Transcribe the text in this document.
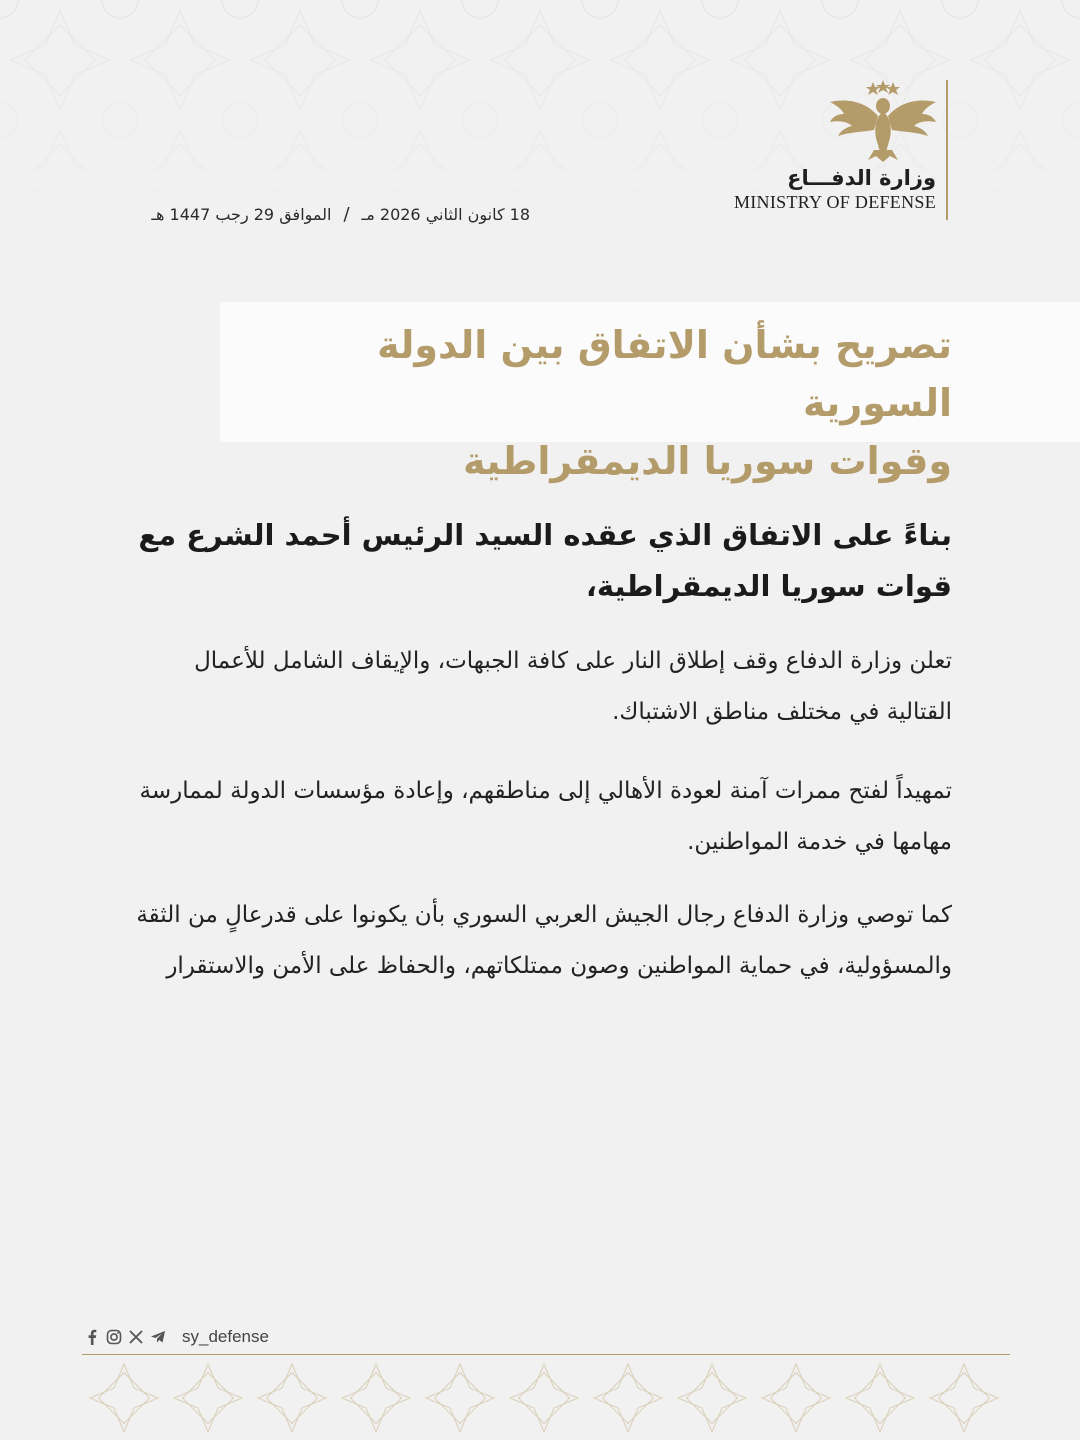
وزارة الدفـــاع
MINISTRY OF DEFENSE
18 كانون الثاني 2026 مـ/الموافق 29 رجب 1447 هـ
تصريح بشأن الاتفاق بين الدولة السورية
وقوات سوريا الديمقراطية
بناءً على الاتفاق الذي عقده السيد الرئيس أحمد الشرع مع قوات سوريا الديمقراطية،
تعلن وزارة الدفاع وقف إطلاق النار على كافة الجبهات، والإيقاف الشامل للأعمال القتالية في مختلف مناطق الاشتباك.
تمهيداً لفتح ممرات آمنة لعودة الأهالي إلى مناطقهم، وإعادة مؤسسات الدولة لممارسة مهامها في خدمة المواطنين.
كما توصي وزارة الدفاع رجال الجيش العربي السوري بأن يكونوا على قدرعالٍ من الثقة والمسؤولية، في حماية المواطنين وصون ممتلكاتهم، والحفاظ على الأمن والاستقرار
sy_defense
